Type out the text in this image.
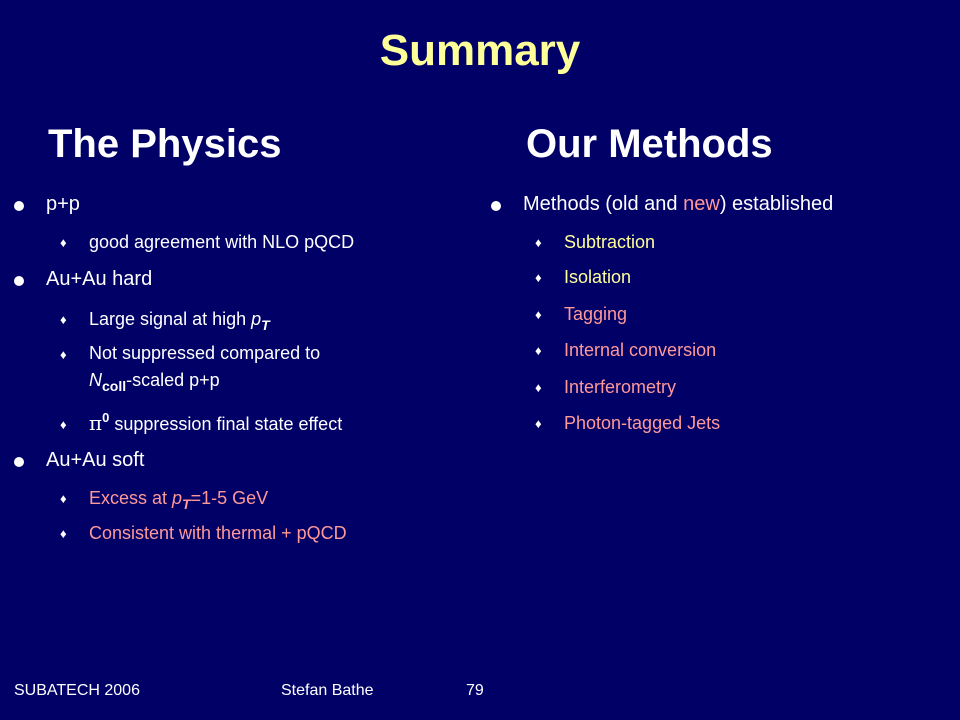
Summary
The Physics	Our Methods
p+p
♦ good agreement with NLO pQCD
Au+Au hard
♦ Large signal at high $p_T$
♦ Not suppressed compared to
$N_{coll}$-scaled p+p
♦ $\pi^0$ suppression final state effect
Au+Au soft
♦ Excess at $p_T=1-5$ GeV
♦ Consistent with thermal + pQCD
Methods (old and new) established
♦ Subtraction
♦ Isolation
♦ Tagging
♦ Internal conversion
♦ Interferometry
♦ Photon-tagged Jets
SUBATECH 2006	Stefan Bathe	79
